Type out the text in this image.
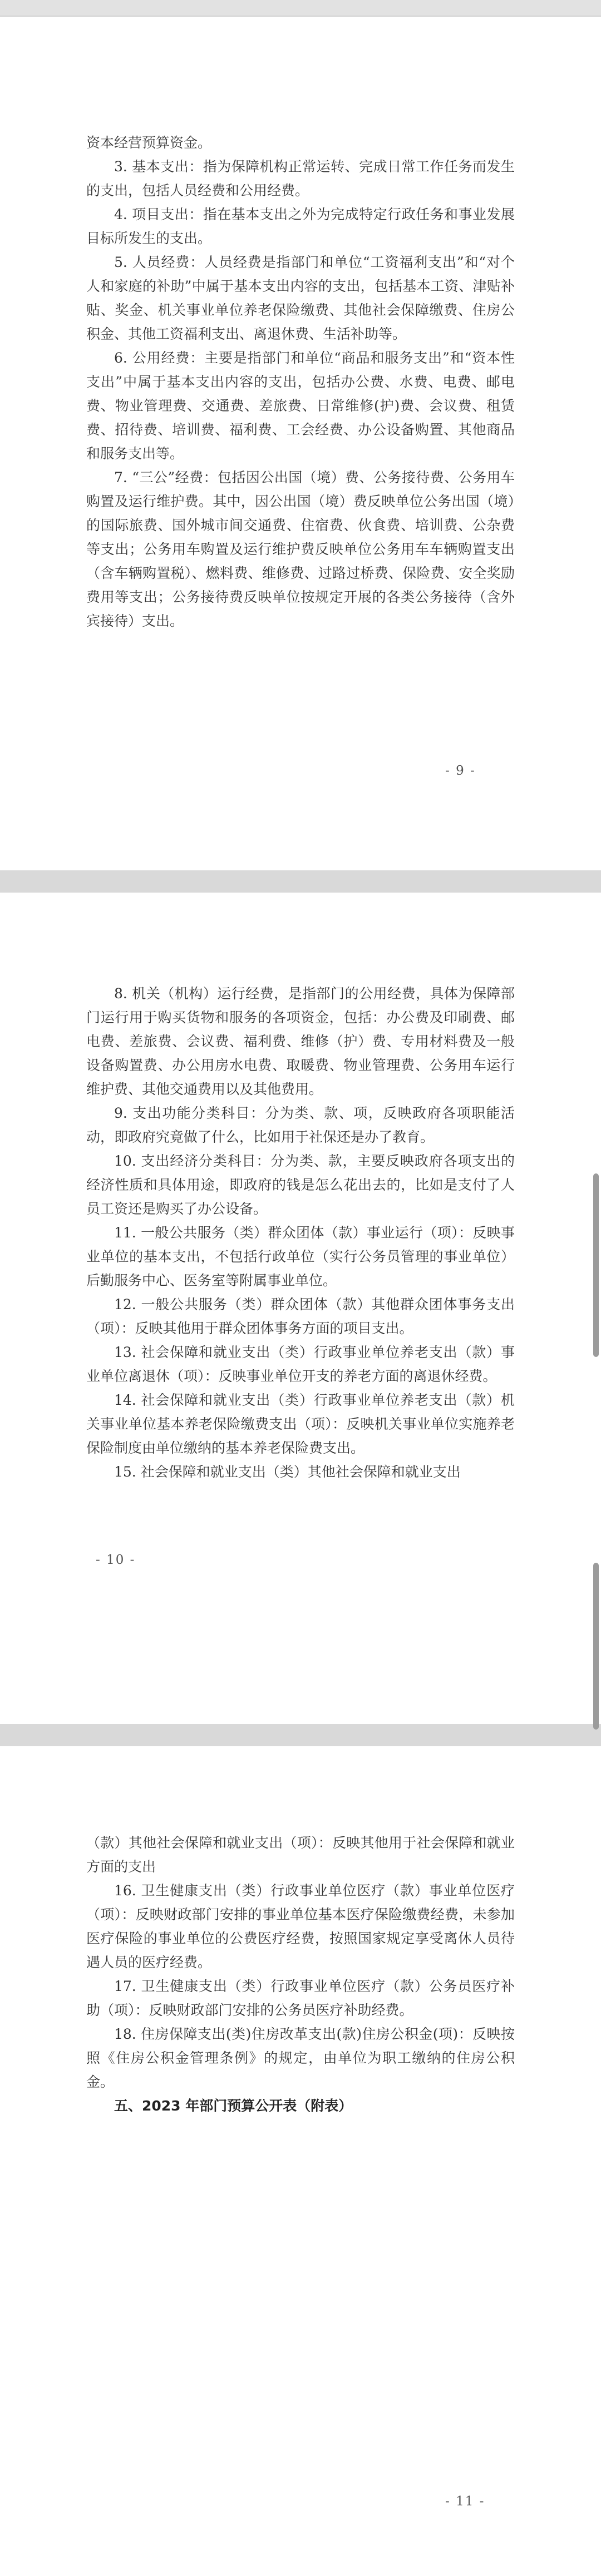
资本经营预算资金。

3. 基本支出：指为保障机构正常运转、完成日常工作任务而发生的支出，包括人员经费和公用经费。

4. 项目支出：指在基本支出之外为完成特定行政任务和事业发展目标所发生的支出。

5. 人员经费：人员经费是指部门和单位“工资福利支出”和“对个人和家庭的补助”中属于基本支出内容的支出，包括基本工资、津贴补贴、奖金、机关事业单位养老保险缴费、其他社会保障缴费、住房公积金、其他工资福利支出、离退休费、生活补助等。

6. 公用经费：主要是指部门和单位“商品和服务支出”和“资本性支出”中属于基本支出内容的支出，包括办公费、水费、电费、邮电费、物业管理费、交通费、差旅费、日常维修(护)费、会议费、租赁费、招待费、培训费、福利费、工会经费、办公设备购置、其他商品和服务支出等。

7. “三公”经费：包括因公出国（境）费、公务接待费、公务用车购置及运行维护费。其中，因公出国（境）费反映单位公务出国（境）的国际旅费、国外城市间交通费、住宿费、伙食费、培训费、公杂费等支出；公务用车购置及运行维护费反映单位公务用车车辆购置支出（含车辆购置税）、燃料费、维修费、过路过桥费、保险费、安全奖励费用等支出；公务接待费反映单位按规定开展的各类公务接待（含外宾接待）支出。

- 9 -

8. 机关（机构）运行经费，是指部门的公用经费，具体为保障部门运行用于购买货物和服务的各项资金，包括：办公费及印刷费、邮电费、差旅费、会议费、福利费、维修（护）费、专用材料费及一般设备购置费、办公用房水电费、取暖费、物业管理费、公务用车运行维护费、其他交通费用以及其他费用。

9. 支出功能分类科目：分为类、款、项，反映政府各项职能活动，即政府究竟做了什么，比如用于社保还是办了教育。

10. 支出经济分类科目：分为类、款，主要反映政府各项支出的经济性质和具体用途，即政府的钱是怎么花出去的，比如是支付了人员工资还是购买了办公设备。

11. 一般公共服务（类）群众团体（款）事业运行（项）：反映事业单位的基本支出，不包括行政单位（实行公务员管理的事业单位）后勤服务中心、医务室等附属事业单位。

12. 一般公共服务（类）群众团体（款）其他群众团体事务支出（项）：反映其他用于群众团体事务方面的项目支出。

13. 社会保障和就业支出（类）行政事业单位养老支出（款）事业单位离退休（项）：反映事业单位开支的养老方面的离退休经费。

14. 社会保障和就业支出（类）行政事业单位养老支出（款）机关事业单位基本养老保险缴费支出（项）：反映机关事业单位实施养老保险制度由单位缴纳的基本养老保险费支出。

15. 社会保障和就业支出（类）其他社会保障和就业支出

- 10 -

（款）其他社会保障和就业支出（项）：反映其他用于社会保障和就业方面的支出

16. 卫生健康支出（类）行政事业单位医疗（款）事业单位医疗（项）：反映财政部门安排的事业单位基本医疗保险缴费经费，未参加医疗保险的事业单位的公费医疗经费，按照国家规定享受离休人员待遇人员的医疗经费。

17. 卫生健康支出（类）行政事业单位医疗（款）公务员医疗补助（项）：反映财政部门安排的公务员医疗补助经费。

18. 住房保障支出(类)住房改革支出(款)住房公积金(项)：反映按照《住房公积金管理条例》的规定，由单位为职工缴纳的住房公积金。

五、2023 年部门预算公开表（附表）

- 11 -
